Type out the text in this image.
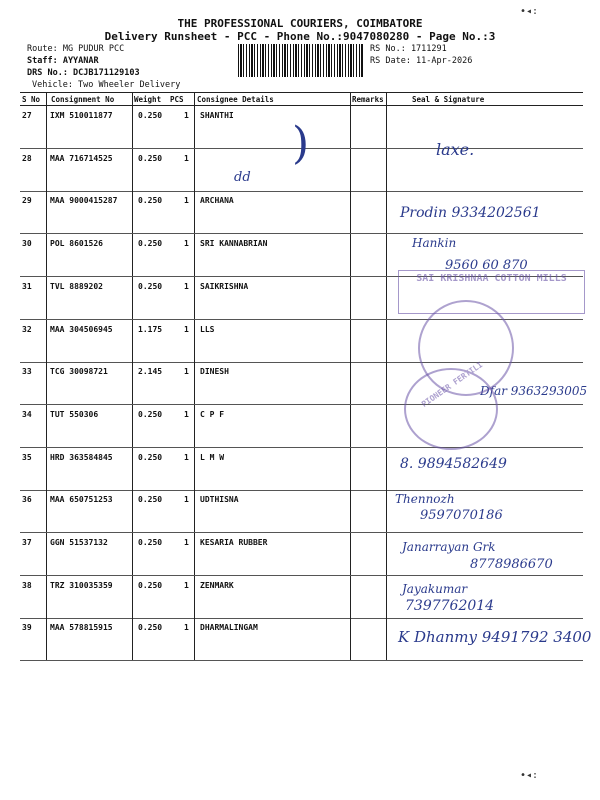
THE PROFESSIONAL COURIERS, COIMBATORE
Delivery Runsheet - PCC - Phone No.:9047080280 - Page No.:3
Route: MG PUDUR PCC
Staff: AYYANAR
DRS No.: DCJB171129103
Vehicle: Two Wheeler Delivery
RS No.: 1711291
RS Date: 11-Apr-2026
•◂:
•◂:
S No Consignment No	Weight PCS Consignee Details	Remarks	Seal & Signature
27 IXM 510011877	0.250	1 SHANTHI
28 MAA 716714525	0.250	1
29 MAA 9000415287	0.250	1 ARCHANA
30 POL 8601526	0.250	1 SRI KANNABRIAN
31 TVL 8889202	0.250	1 SAIKRISHNA
32 MAA 304506945	1.175	1 LLS
33 TCG 30098721	2.145	1 DINESH
34 TUT 550306	0.250	1 C P F
35 HRD 363584845	0.250	1 L M W
36 MAA 650751253	0.250	1 UDTHISNA
37 GGN 51537132	0.250	1 KESARIA RUBBER
38 TRZ 310035359	0.250	1 ZENMARK
39 MAA 578815915	0.250	1 DHARMALINGAM
laxe.
)
dd
Prodin 9334202561
Hankin
9560 60 870
Dfar 9363293005
8. 9894582649
Thennozh
9597070186
Janarrayan Grk
8778986670
Jayakumar
7397762014
K Dhanmy 9491792 3400
SAI KRISHNAA COTTON MILLS
PIONEER FERTILI
